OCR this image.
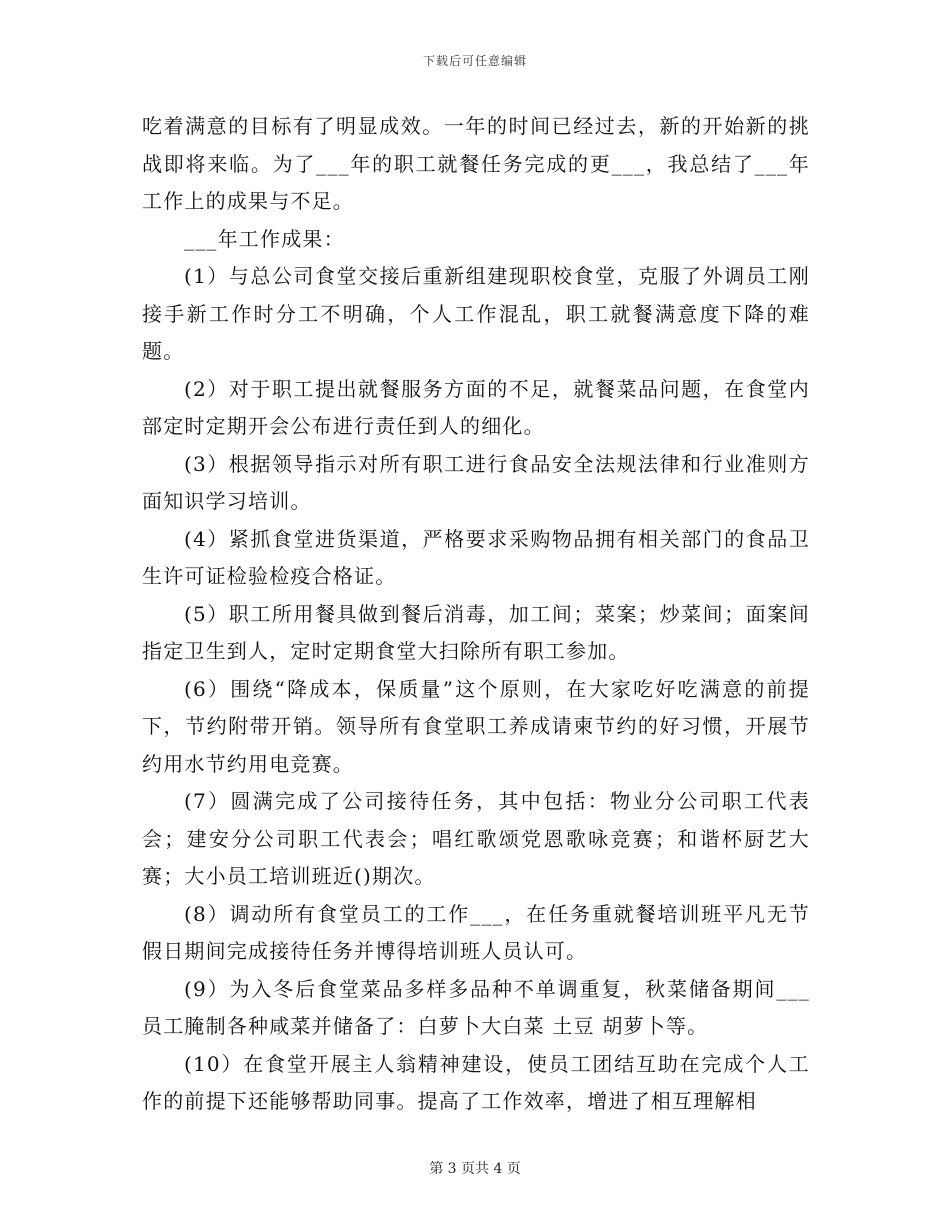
下载后可任意编辑

吃着满意的目标有了明显成效。一年的时间已经过去，新的开始新的挑战即将来临。为了___年的职工就餐任务完成的更___，我总结了___年工作上的成果与不足。

___年工作成果：

(1）与总公司食堂交接后重新组建现职校食堂，克服了外调员工刚接手新工作时分工不明确，个人工作混乱，职工就餐满意度下降的难题。

(2）对于职工提出就餐服务方面的不足，就餐菜品问题，在食堂内部定时定期开会公布进行责任到人的细化。

(3）根据领导指示对所有职工进行食品安全法规法律和行业准则方面知识学习培训。

(4）紧抓食堂进货渠道，严格要求采购物品拥有相关部门的食品卫生许可证检验检疫合格证。

(5）职工所用餐具做到餐后消毒，加工间；菜案；炒菜间；面案间指定卫生到人，定时定期食堂大扫除所有职工参加。

(6）围绕“降成本，保质量”这个原则，在大家吃好吃满意的前提下，节约附带开销。领导所有食堂职工养成请柬节约的好习惯，开展节约用水节约用电竞赛。

(7）圆满完成了公司接待任务，其中包括：物业分公司职工代表会；建安分公司职工代表会；唱红歌颂党恩歌咏竞赛；和谐杯厨艺大赛；大小员工培训班近()期次。

(8）调动所有食堂员工的工作___，在任务重就餐培训班平凡无节假日期间完成接待任务并博得培训班人员认可。

(9）为入冬后食堂菜品多样多品种不单调重复，秋菜储备期间___员工腌制各种咸菜并储备了：白萝卜大白菜 土豆 胡萝卜等。

(10）在食堂开展主人翁精神建设，使员工团结互助在完成个人工作的前提下还能够帮助同事。提高了工作效率，增进了相互理解相

第 3 页共 4 页
